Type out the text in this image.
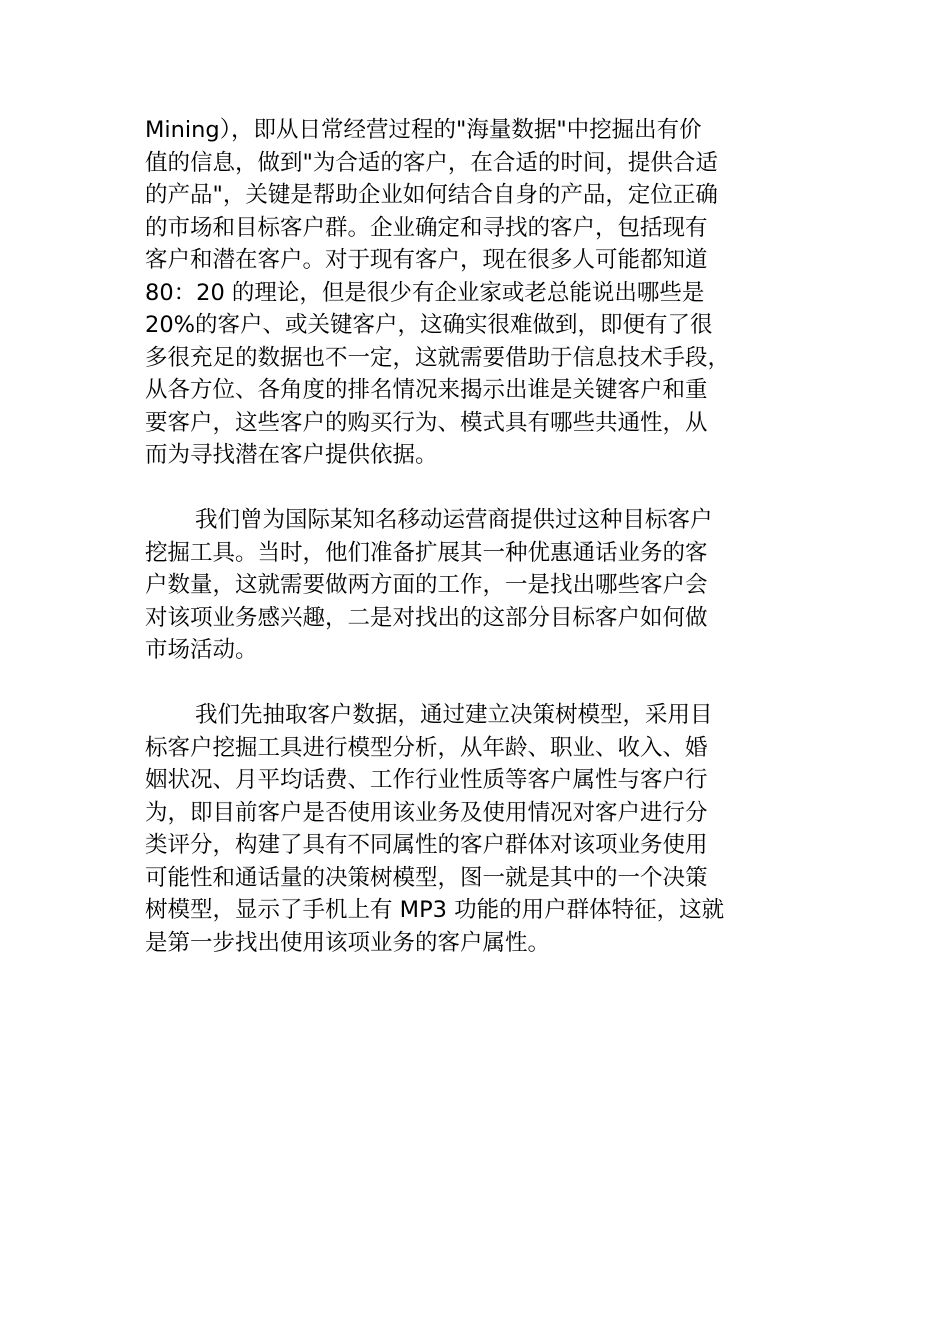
Mining），即从日常经营过程的"海量数据"中挖掘出有价
值的信息，做到"为合适的客户，在合适的时间，提供合适
的产品"，关键是帮助企业如何结合自身的产品，定位正确
的市场和目标客户群。企业确定和寻找的客户，包括现有
客户和潜在客户。对于现有客户，现在很多人可能都知道
80：20 的理论，但是很少有企业家或老总能说出哪些是
20%的客户、或关键客户，这确实很难做到，即便有了很
多很充足的数据也不一定，这就需要借助于信息技术手段，
从各方位、各角度的排名情况来揭示出谁是关键客户和重
要客户，这些客户的购买行为、模式具有哪些共通性，从
而为寻找潜在客户提供依据。
我们曾为国际某知名移动运营商提供过这种目标客户
挖掘工具。当时，他们准备扩展其一种优惠通话业务的客
户数量，这就需要做两方面的工作，一是找出哪些客户会
对该项业务感兴趣，二是对找出的这部分目标客户如何做
市场活动。
我们先抽取客户数据，通过建立决策树模型，采用目
标客户挖掘工具进行模型分析，从年龄、职业、收入、婚
姻状况、月平均话费、工作行业性质等客户属性与客户行
为，即目前客户是否使用该业务及使用情况对客户进行分
类评分，构建了具有不同属性的客户群体对该项业务使用
可能性和通话量的决策树模型，图一就是其中的一个决策
树模型，显示了手机上有 MP3 功能的用户群体特征，这就
是第一步找出使用该项业务的客户属性。
